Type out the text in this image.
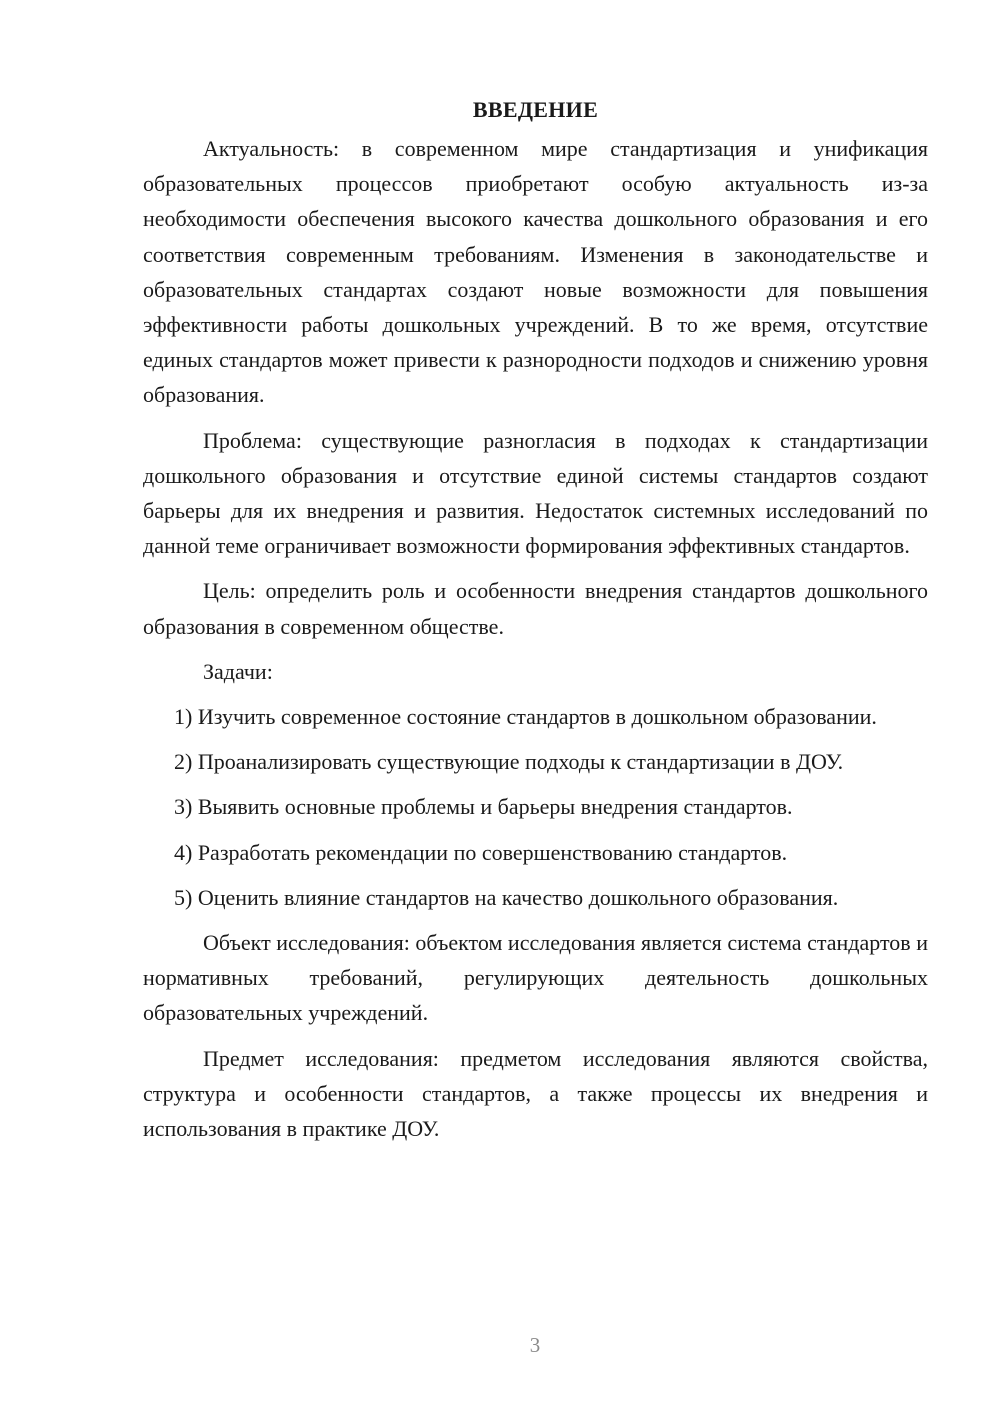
ВВЕДЕНИЕ

Актуальность: в современном мире стандартизация и унификация образовательных процессов приобретают особую актуальность из-за необходимости обеспечения высокого качества дошкольного образования и его соответствия современным требованиям. Изменения в законодательстве и образовательных стандартах создают новые возможности для повышения эффективности работы дошкольных учреждений. В то же время, отсутствие единых стандартов может привести к разнородности подходов и снижению уровня образования.

Проблема: существующие разногласия в подходах к стандартизации дошкольного образования и отсутствие единой системы стандартов создают барьеры для их внедрения и развития. Недостаток системных исследований по данной теме ограничивает возможности формирования эффективных стандартов.

Цель: определить роль и особенности внедрения стандартов дошкольного образования в современном обществе.

Задачи:

1) Изучить современное состояние стандартов в дошкольном образовании.

2) Проанализировать существующие подходы к стандартизации в ДОУ.

3) Выявить основные проблемы и барьеры внедрения стандартов.

4) Разработать рекомендации по совершенствованию стандартов.

5) Оценить влияние стандартов на качество дошкольного образования.

Объект исследования: объектом исследования является система стандартов и нормативных требований, регулирующих деятельность дошкольных образовательных учреждений.

Предмет исследования: предметом исследования являются свойства, структура и особенности стандартов, а также процессы их внедрения и использования в практике ДОУ.

3
